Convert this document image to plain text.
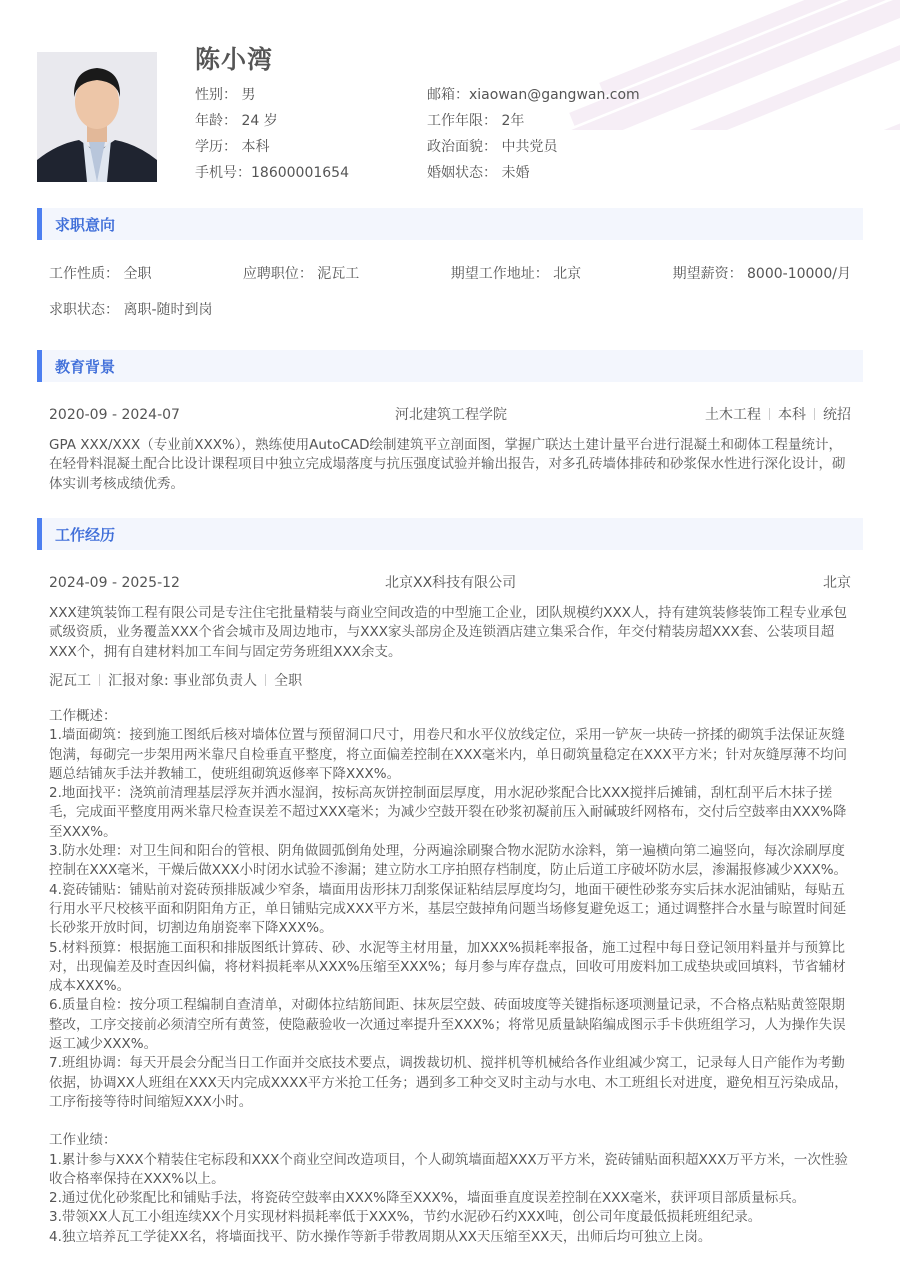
陈小湾
性别： 男	邮箱：xiaowan@gangwan.com
年龄： 24 岁	工作年限： 2年
学历： 本科	政治面貌： 中共党员
手机号：18600001654	婚姻状态： 未婚
求职意向
工作性质： 全职	应聘职位： 泥瓦工	期望工作地址： 北京	期望薪资： 8000-10000/月
求职状态： 离职-随时到岗
教育背景
2020-09 - 2024-07	河北建筑工程学院	土木工程 本科 统招

GPA XXX/XXX（专业前XXX%），熟练使用AutoCAD绘制建筑平立剖面图，掌握广联达土建计量平台进行混凝土和砌体工程量统计，在轻骨料混凝土配合比设计课程项目中独立完成塌落度与抗压强度试验并输出报告，对多孔砖墙体排砖和砂浆保水性进行深化设计，砌体实训考核成绩优秀。

工作经历
2024-09 - 2025-12	北京XX科技有限公司	北京

XXX建筑装饰工程有限公司是专注住宅批量精装与商业空间改造的中型施工企业，团队规模约XXX人，持有建筑装修装饰工程专业承包贰级资质，业务覆盖XXX个省会城市及周边地市，与XXX家头部房企及连锁酒店建立集采合作，年交付精装房超XXX套、公装项目超XXX个，拥有自建材料加工车间与固定劳务班组XXX余支。

泥瓦工 汇报对象: 事业部负责人 全职

工作概述：

1.墙面砌筑：接到施工图纸后核对墙体位置与预留洞口尺寸，用卷尺和水平仪放线定位，采用一铲灰一块砖一挤揉的砌筑手法保证灰缝饱满，每砌完一步架用两米靠尺自检垂直平整度，将立面偏差控制在XXX毫米内，单日砌筑量稳定在XXX平方米；针对灰缝厚薄不均问题总结铺灰手法并教辅工，使班组砌筑返修率下降XXX%。

2.地面找平：浇筑前清理基层浮灰并洒水湿润，按标高灰饼控制面层厚度，用水泥砂浆配合比XXX搅拌后摊铺，刮杠刮平后木抹子搓毛，完成面平整度用两米靠尺检查误差不超过XXX毫米；为减少空鼓开裂在砂浆初凝前压入耐碱玻纤网格布，交付后空鼓率由XXX%降至XXX%。

3.防水处理：对卫生间和阳台的管根、阴角做圆弧倒角处理，分两遍涂刷聚合物水泥防水涂料，第一遍横向第二遍竖向，每次涂刷厚度控制在XXX毫米，干燥后做XXX小时闭水试验不渗漏；建立防水工序拍照存档制度，防止后道工序破坏防水层，渗漏报修减少XXX%。

4.瓷砖铺贴：铺贴前对瓷砖预排版减少窄条，墙面用齿形抹刀刮浆保证粘结层厚度均匀，地面干硬性砂浆夯实后抹水泥油铺贴，每贴五行用水平尺校核平面和阴阳角方正，单日铺贴完成XXX平方米，基层空鼓掉角问题当场修复避免返工；通过调整拌合水量与晾置时间延长砂浆开放时间，切割边角崩瓷率下降XXX%。

5.材料预算：根据施工面积和排版图纸计算砖、砂、水泥等主材用量，加XXX%损耗率报备，施工过程中每日登记领用料量并与预算比对，出现偏差及时查因纠偏，将材料损耗率从XXX%压缩至XXX%；每月参与库存盘点，回收可用废料加工成垫块或回填料，节省辅材成本XXX%。

6.质量自检：按分项工程编制自查清单，对砌体拉结筋间距、抹灰层空鼓、砖面坡度等关键指标逐项测量记录，不合格点粘贴黄签限期整改，工序交接前必须清空所有黄签，使隐蔽验收一次通过率提升至XXX%；将常见质量缺陷编成图示手卡供班组学习，人为操作失误返工减少XXX%。

7.班组协调：每天开晨会分配当日工作面并交底技术要点，调拨裁切机、搅拌机等机械给各作业组减少窝工，记录每人日产能作为考勤依据，协调XX人班组在XXX天内完成XXXX平方米抢工任务；遇到多工种交叉时主动与水电、木工班组长对进度，避免相互污染成品，工序衔接等待时间缩短XXX小时。

工作业绩：

1.累计参与XXX个精装住宅标段和XXX个商业空间改造项目，个人砌筑墙面超XXX万平方米，瓷砖铺贴面积超XXX万平方米，一次性验收合格率保持在XXX%以上。

2.通过优化砂浆配比和铺贴手法，将瓷砖空鼓率由XXX%降至XXX%，墙面垂直度误差控制在XXX毫米，获评项目部质量标兵。

3.带领XX人瓦工小组连续XX个月实现材料损耗率低于XXX%，节约水泥砂石约XXX吨，创公司年度最低损耗班组纪录。

4.独立培养瓦工学徒XX名，将墙面找平、防水操作等新手带教周期从XX天压缩至XX天，出师后均可独立上岗。
